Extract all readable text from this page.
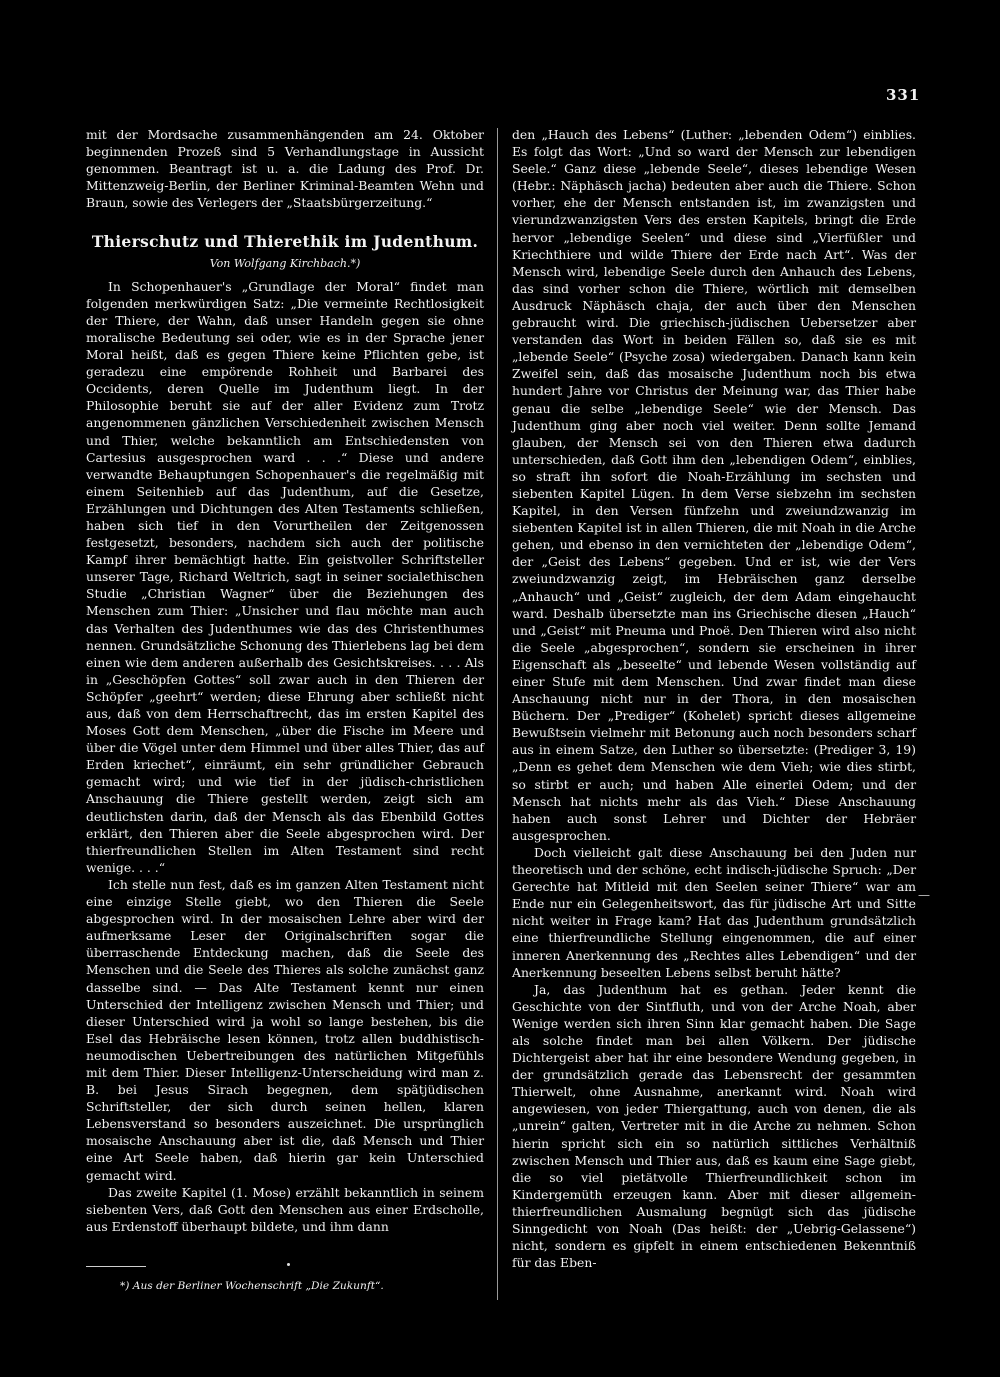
331

mit der Mordsache zusammenhängenden am 24. Oktober beginnenden Prozeß sind 5 Verhandlungstage in Aussicht genommen. Beantragt ist u. a. die Ladung des Prof. Dr. Mittenzweig-Berlin, der Berliner Kriminal-Beamten Wehn und Braun, sowie des Verlegers der „Staatsbürgerzeitung.“

Thierschutz und Thierethik im Judenthum.
Von Wolfgang Kirchbach.*)

In Schopenhauer's „Grundlage der Moral“ findet man folgenden merkwürdigen Satz: „Die vermeinte Rechtlosigkeit der Thiere, der Wahn, daß unser Handeln gegen sie ohne moralische Bedeutung sei oder, wie es in der Sprache jener Moral heißt, daß es gegen Thiere keine Pflichten gebe, ist geradezu eine empörende Rohheit und Barbarei des Occidents, deren Quelle im Judenthum liegt. In der Philosophie beruht sie auf der aller Evidenz zum Trotz angenommenen gänzlichen Verschiedenheit zwischen Mensch und Thier, welche bekanntlich am Entschiedensten von Cartesius ausgesprochen ward . . .“ Diese und andere verwandte Behauptungen Schopenhauer's die regelmäßig mit einem Seitenhieb auf das Judenthum, auf die Gesetze, Erzählungen und Dichtungen des Alten Testaments schließen, haben sich tief in den Vorurtheilen der Zeitgenossen festgesetzt, besonders, nachdem sich auch der politische Kampf ihrer bemächtigt hatte. Ein geistvoller Schriftsteller unserer Tage, Richard Weltrich, sagt in seiner socialethischen Studie „Christian Wagner“ über die Beziehungen des Menschen zum Thier: „Unsicher und flau möchte man auch das Verhalten des Judenthumes wie das des Christenthumes nennen. Grundsätzliche Schonung des Thierlebens lag bei dem einen wie dem anderen außerhalb des Gesichtskreises. . . . Als in „Geschöpfen Gottes“ soll zwar auch in den Thieren der Schöpfer „geehrt“ werden; diese Ehrung aber schließt nicht aus, daß von dem Herrschaftrecht, das im ersten Kapitel des Moses Gott dem Menschen, „über die Fische im Meere und über die Vögel unter dem Himmel und über alles Thier, das auf Erden kriechet“, einräumt, ein sehr gründlicher Gebrauch gemacht wird; und wie tief in der jüdisch-christlichen Anschauung die Thiere gestellt werden, zeigt sich am deutlichsten darin, daß der Mensch als das Ebenbild Gottes erklärt, den Thieren aber die Seele abgesprochen wird. Der thierfreundlichen Stellen im Alten Testament sind recht wenige. . . .“

Ich stelle nun fest, daß es im ganzen Alten Testament nicht eine einzige Stelle giebt, wo den Thieren die Seele abgesprochen wird. In der mosaischen Lehre aber wird der aufmerksame Leser der Originalschriften sogar die überraschende Entdeckung machen, daß die Seele des Menschen und die Seele des Thieres als solche zunächst ganz dasselbe sind. — Das Alte Testament kennt nur einen Unterschied der Intelligenz zwischen Mensch und Thier; und dieser Unterschied wird ja wohl so lange bestehen, bis die Esel das Hebräische lesen können, trotz allen buddhistisch-neumodischen Uebertreibungen des natürlichen Mitgefühls mit dem Thier. Dieser Intelligenz-Unterscheidung wird man z. B. bei Jesus Sirach begegnen, dem spätjüdischen Schriftsteller, der sich durch seinen hellen, klaren Lebensverstand so besonders auszeichnet. Die ursprünglich mosaische Anschauung aber ist die, daß Mensch und Thier eine Art Seele haben, daß hierin gar kein Unterschied gemacht wird.

Das zweite Kapitel (1. Mose) erzählt bekanntlich in seinem siebenten Vers, daß Gott den Menschen aus einer Erdscholle, aus Erdenstoff überhaupt bildete, und ihm dann

*) Aus der Berliner Wochenschrift „Die Zukunft“.

den „Hauch des Lebens“ (Luther: „lebenden Odem“) einblies. Es folgt das Wort: „Und so ward der Mensch zur lebendigen Seele.“ Ganz diese „lebende Seele“, dieses lebendige Wesen (Hebr.: Näphäsch jacha) bedeuten aber auch die Thiere. Schon vorher, ehe der Mensch entstanden ist, im zwanzigsten und vierundzwanzigsten Vers des ersten Kapitels, bringt die Erde hervor „lebendige Seelen“ und diese sind „Vierfüßler und Kriechthiere und wilde Thiere der Erde nach Art“. Was der Mensch wird, lebendige Seele durch den Anhauch des Lebens, das sind vorher schon die Thiere, wörtlich mit demselben Ausdruck Näphäsch chaja, der auch über den Menschen gebraucht wird. Die griechisch-jüdischen Uebersetzer aber verstanden das Wort in beiden Fällen so, daß sie es mit „lebende Seele“ (Psyche zosa) wiedergaben. Danach kann kein Zweifel sein, daß das mosaische Judenthum noch bis etwa hundert Jahre vor Christus der Meinung war, das Thier habe genau die selbe „lebendige Seele“ wie der Mensch. Das Judenthum ging aber noch viel weiter. Denn sollte Jemand glauben, der Mensch sei von den Thieren etwa dadurch unterschieden, daß Gott ihm den „lebendigen Odem“, einblies, so straft ihn sofort die Noah-Erzählung im sechsten und siebenten Kapitel Lügen. In dem Verse siebzehn im sechsten Kapitel, in den Versen fünfzehn und zweiundzwanzig im siebenten Kapitel ist in allen Thieren, die mit Noah in die Arche gehen, und ebenso in den vernichteten der „lebendige Odem“, der „Geist des Lebens“ gegeben. Und er ist, wie der Vers zweiundzwanzig zeigt, im Hebräischen ganz derselbe „Anhauch“ und „Geist“ zugleich, der dem Adam eingehaucht ward. Deshalb übersetzte man ins Griechische diesen „Hauch“ und „Geist“ mit Pneuma und Pnoë. Den Thieren wird also nicht die Seele „abgesprochen“, sondern sie erscheinen in ihrer Eigenschaft als „beseelte“ und lebende Wesen vollständig auf einer Stufe mit dem Menschen. Und zwar findet man diese Anschauung nicht nur in der Thora, in den mosaischen Büchern. Der „Prediger“ (Kohelet) spricht dieses allgemeine Bewußtsein vielmehr mit Betonung auch noch besonders scharf aus in einem Satze, den Luther so übersetzte: (Prediger 3, 19) „Denn es gehet dem Menschen wie dem Vieh; wie dies stirbt, so stirbt er auch; und haben Alle einerlei Odem; und der Mensch hat nichts mehr als das Vieh.“ Diese Anschauung haben auch sonst Lehrer und Dichter der Hebräer ausgesprochen.

Doch vielleicht galt diese Anschauung bei den Juden nur theoretisch und der schöne, echt indisch-jüdische Spruch: „Der Gerechte hat Mitleid mit den Seelen seiner Thiere“ war am Ende nur ein Gelegenheitswort, das für jüdische Art und Sitte nicht weiter in Frage kam? Hat das Judenthum grundsätzlich eine thierfreundliche Stellung eingenommen, die auf einer inneren Anerkennung des „Rechtes alles Lebendigen“ und der Anerkennung beseelten Lebens selbst beruht hätte?

Ja, das Judenthum hat es gethan. Jeder kennt die Geschichte von der Sintfluth, und von der Arche Noah, aber Wenige werden sich ihren Sinn klar gemacht haben. Die Sage als solche findet man bei allen Völkern. Der jüdische Dichtergeist aber hat ihr eine besondere Wendung gegeben, in der grundsätzlich gerade das Lebensrecht der gesammten Thierwelt, ohne Ausnahme, anerkannt wird. Noah wird angewiesen, von jeder Thiergattung, auch von denen, die als „unrein“ galten, Vertreter mit in die Arche zu nehmen. Schon hierin spricht sich ein so natürlich sittliches Verhältniß zwischen Mensch und Thier aus, daß es kaum eine Sage giebt, die so viel pietätvolle Thierfreundlichkeit schon im Kindergemüth erzeugen kann. Aber mit dieser allgemein-thierfreundlichen Ausmalung begnügt sich das jüdische Sinngedicht von Noah (Das heißt: der „Uebrig-Gelassene“) nicht, sondern es gipfelt in einem entschiedenen Bekenntniß für das Eben-

—
